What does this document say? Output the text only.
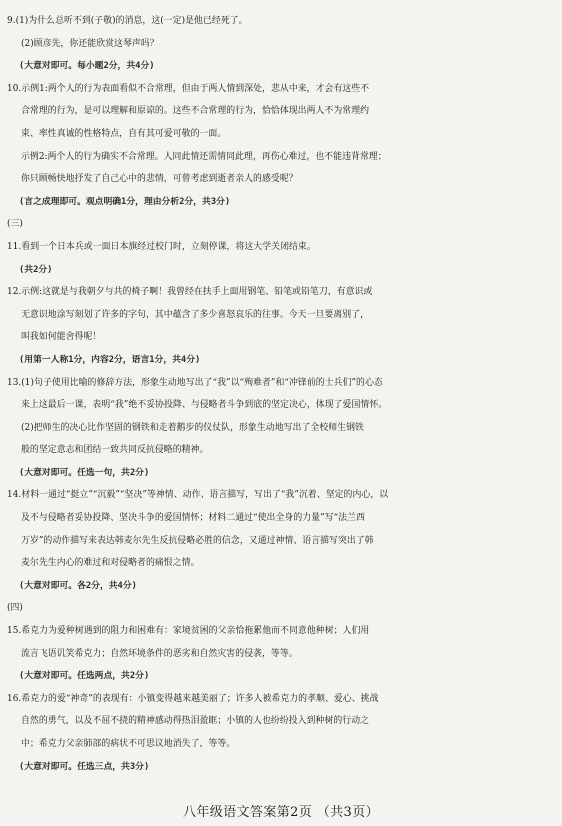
9.(1)为什么总听不到(子敬)的消息，这(一定)是他已经死了。
(2)顾彦先，你还能欣赏这琴声吗？
(大意对即可。每小题2分，共4分)
10.示例1:两个人的行为表面看似不合常理，但由于两人情到深处，悲从中来，才会有这些不
合常理的行为，是可以理解和原谅的。这些不合常理的行为，恰恰体现出两人不为常理约
束、率性真诚的性格特点，自有其可爱可敬的一面。
示例2:两个人的行为确实不合常理。人同此情还需情同此理，再伤心难过，也不能违背常理；
你只顾畅快地抒发了自己心中的悲情，可曾考虑到逝者亲人的感受呢？
(言之成理即可。观点明确1分，理由分析2分，共3分)
(三)
11.看到一个日本兵或一面日本旗经过校门时，立刻停课，将这大学关闭结束。
(共2分)
12.示例:这就是与我朝夕与共的椅子啊！我曾经在扶手上面用钢笔、铅笔或铅笔刀，有意识或
无意识地涂写刻划了许多的字句，其中蕴含了多少喜怒哀乐的往事。今天一旦要离别了，
叫我如何能舍得呢！
(用第一人称1分，内容2分，语言1分，共4分)
13.(1)句子使用比喻的修辞方法，形象生动地写出了“我”以“殉难者”和“冲锋前的士兵们”的心态
来上这最后一课，表明“我”绝不妥协投降、与侵略者斗争到底的坚定决心，体现了爱国情怀。
(2)把师生的决心比作坚固的钢铁和走着鹅步的仪仗队，形象生动地写出了全校师生钢铁
般的坚定意志和团结一致共同反抗侵略的精神。
(大意对即可。任选一句，共2分)
14.材料一通过“挺立”“沉毅”“坚决”等神情、动作、语言描写，写出了“我”沉着、坚定的内心，以
及不与侵略者妥协投降、坚决斗争的爱国情怀；材料二通过“使出全身的力量”写“法兰西
万岁”的动作描写来表达韩麦尔先生反抗侵略必胜的信念，又通过神情、语言描写突出了韩
麦尔先生内心的难过和对侵略者的痛恨之情。
(大意对即可。各2分，共4分)
(四)
15.希克力为爱种树遇到的阻力和困难有：家境贫困的父亲恰拖累他而不同意他种树；人们用
流言飞语讥笑希克力；自然环境条件的恶劣和自然灾害的侵袭，等等。
(大意对即可。任选两点，共2分)
16.希克力的爱“神奇”的表现有：小镇变得越来越美丽了；许多人被希克力的孝顺、爱心、挑战
自然的勇气，以及不屈不挠的精神感动得热泪盈眶；小镇的人也纷纷投入到种树的行动之
中；希克力父亲肺部的病状不可思议地消失了，等等。
(大意对即可。任选三点，共3分)
八年级语文答案第2页 （共3页）
